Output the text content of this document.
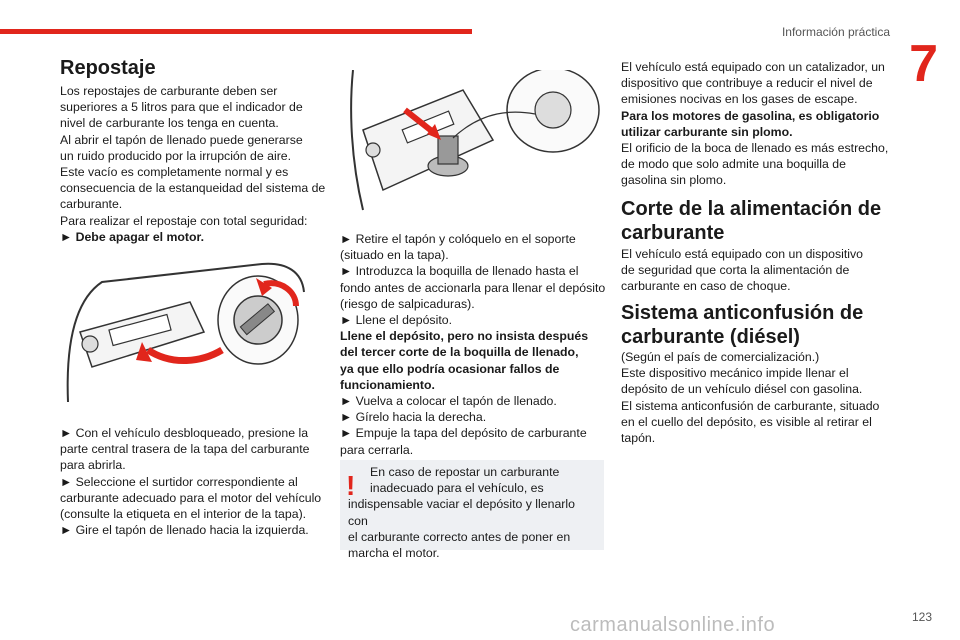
Información práctica
7
Repostaje

Los repostajes de carburante deben ser

superiores a 5 litros para que el indicador de

nivel de carburante los tenga en cuenta.

Al abrir el tapón de llenado puede generarse

un ruido producido por la irrupción de aire.

Este vacío es completamente normal y es

consecuencia de la estanqueidad del sistema de

carburante.

Para realizar el repostaje con total seguridad:

► Debe apagar el motor.

► Con el vehículo desbloqueado, presione la

parte central trasera de la tapa del carburante

para abrirla.

► Seleccione el surtidor correspondiente al

carburante adecuado para el motor del vehículo

(consulte la etiqueta en el interior de la tapa).

► Gire el tapón de llenado hacia la izquierda.

► Retire el tapón y colóquelo en el soporte

(situado en la tapa).

► Introduzca la boquilla de llenado hasta el

fondo antes de accionarla para llenar el depósito

(riesgo de salpicaduras).

► Llene el depósito.

Llene el depósito, pero no insista después

del tercer corte de la boquilla de llenado,

ya que ello podría ocasionar fallos de

funcionamiento.

► Vuelva a colocar el tapón de llenado.

► Gírelo hacia la derecha.

► Empuje la tapa del depósito de carburante

para cerrarla.

!	En caso de repostar un carburante

inadecuado para el vehículo, es

indispensable vaciar el depósito y llenarlo con

el carburante correcto antes de poner en

marcha el motor.

El vehículo está equipado con un catalizador, un

dispositivo que contribuye a reducir el nivel de

emisiones nocivas en los gases de escape.

Para los motores de gasolina, es obligatorio

utilizar carburante sin plomo.

El orificio de la boca de llenado es más estrecho,

de modo que solo admite una boquilla de

gasolina sin plomo.

Corte de la alimentación de
carburante

El vehículo está equipado con un dispositivo

de seguridad que corta la alimentación de

carburante en caso de choque.

Sistema anticonfusión de
carburante (diésel)

(Según el país de comercialización.)

Este dispositivo mecánico impide llenar el

depósito de un vehículo diésel con gasolina.

El sistema anticonfusión de carburante, situado

en el cuello del depósito, es visible al retirar el

tapón.

carmanualsonline.info	123
